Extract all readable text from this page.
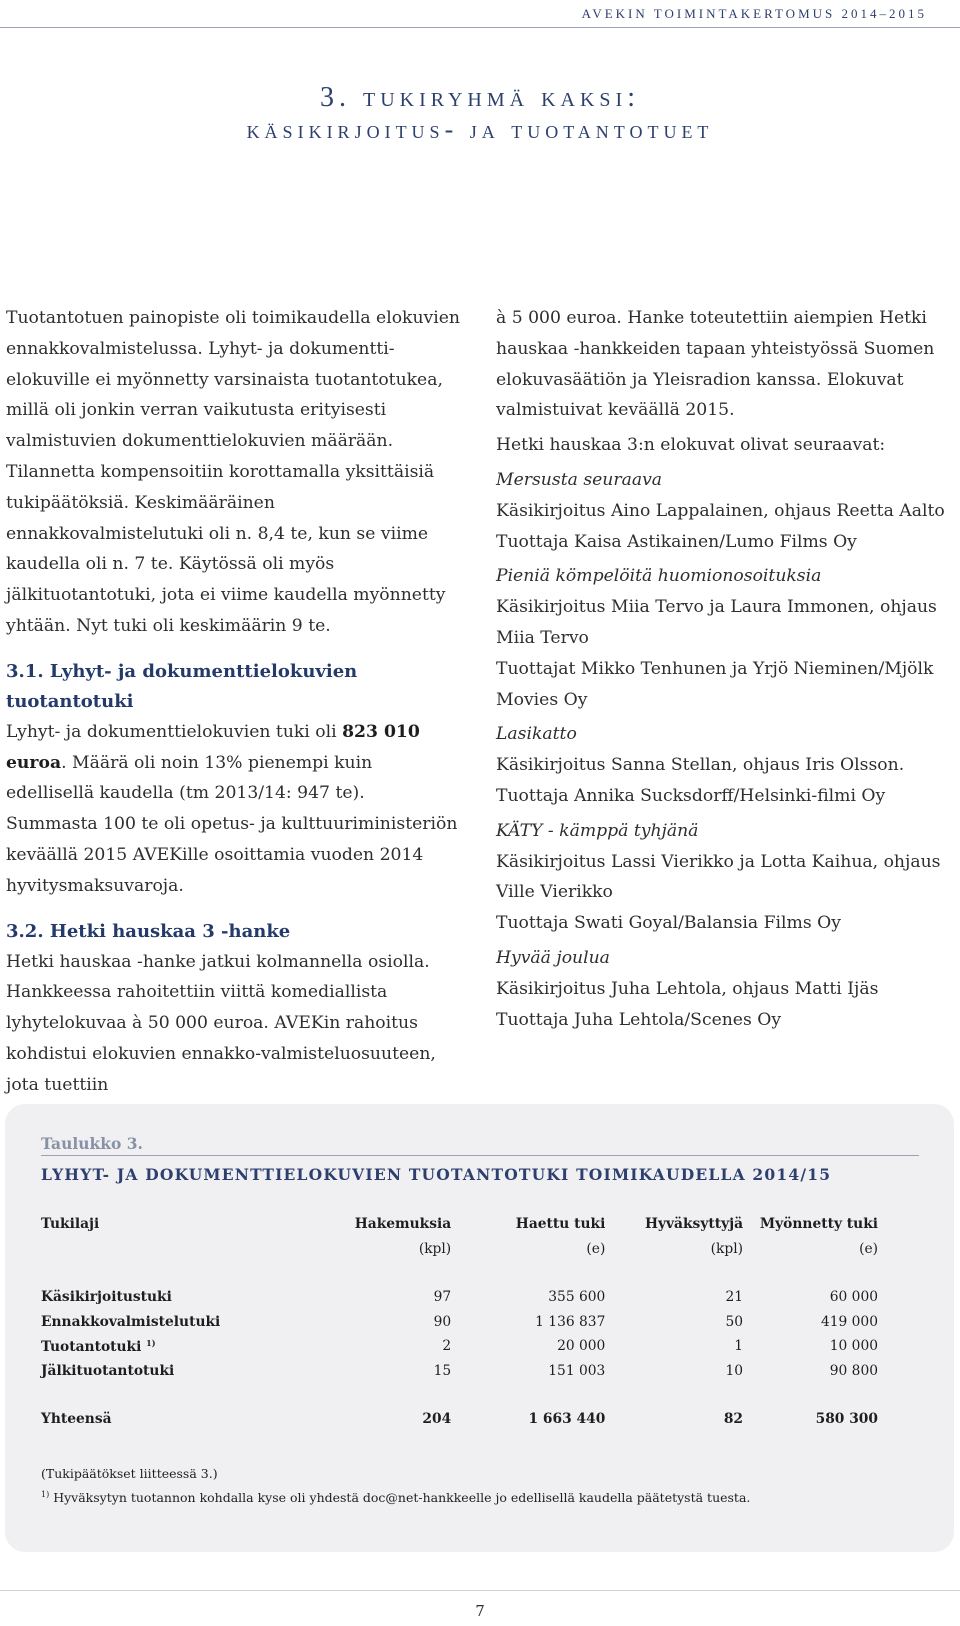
AVEKIN TOIMINTAKERTOMUS 2014–2015
3. tukiryhmä kaksi:
käsikirjoitus- ja tuotantotuet

Tuotantotuen painopiste oli toimikaudella elokuvien ennakkovalmistelussa. Lyhyt- ja dokumentti-elokuville ei myönnetty varsinaista tuotantotukea, millä oli jonkin verran vaikutusta erityisesti valmistuvien dokumenttielokuvien määrään. Tilannetta kompensoitiin korottamalla yksittäisiä tukipäätöksiä. Keskimääräinen ennakkovalmistelutuki oli n. 8,4 te, kun se viime kaudella oli n. 7 te. Käytössä oli myös jälkituotantotuki, jota ei viime kaudella myönnetty yhtään. Nyt tuki oli keskimäärin 9 te.

3.1. Lyhyt- ja dokumenttielokuvien tuotantotuki

Lyhyt- ja dokumenttielokuvien tuki oli 823 010 euroa. Määrä oli noin 13% pienempi kuin edellisellä kaudella (tm 2013/14: 947 te). Summasta 100 te oli opetus- ja kulttuuriministeriön keväällä 2015 AVEKille osoittamia vuoden 2014 hyvitysmaksuvaroja.

3.2. Hetki hauskaa 3 -hanke

Hetki hauskaa -hanke jatkui kolmannella osiolla. Hankkeessa rahoitettiin viittä komediallista lyhytelokuvaa à 50 000 euroa. AVEKin rahoitus kohdistui elokuvien ennakko-valmisteluosuuteen, jota tuettiin

à 5 000 euroa. Hanke toteutettiin aiempien Hetki hauskaa -hankkeiden tapaan yhteistyössä Suomen elokuvasäätiön ja Yleisradion kanssa. Elokuvat valmistuivat keväällä 2015.

Hetki hauskaa 3:n elokuvat olivat seuraavat:

Mersusta seuraava

Käsikirjoitus Aino Lappalainen, ohjaus Reetta Aalto

Tuottaja Kaisa Astikainen/Lumo Films Oy

Pieniä kömpelöitä huomionosoituksia

Käsikirjoitus Miia Tervo ja Laura Immonen, ohjaus Miia Tervo

Tuottajat Mikko Tenhunen ja Yrjö Nieminen/Mjölk Movies Oy

Lasikatto

Käsikirjoitus Sanna Stellan, ohjaus Iris Olsson.

Tuottaja Annika Sucksdorff/Helsinki-filmi Oy

KÄTY - kämppä tyhjänä

Käsikirjoitus Lassi Vierikko ja Lotta Kaihua, ohjaus Ville Vierikko

Tuottaja Swati Goyal/Balansia Films Oy

Hyvää joulua

Käsikirjoitus Juha Lehtola, ohjaus Matti Ijäs

Tuottaja Juha Lehtola/Scenes Oy

Taulukko 3.
LYHYT- JA DOKUMENTTIELOKUVIEN TUOTANTOTUKI TOIMIKAUDELLA 2014/15
Tukilaji	Hakemuksia	Haettu tuki	Hyväksyttyjä	Myönnetty tuki
	(kpl)	(e)	(kpl)	(e)

Käsikirjoitustuki	97	355 600	21	60 000
Ennakkovalmistelutuki	90	1 136 837	50	419 000
Tuotantotuki $^{1)}$	2	20 000	1	10 000
Jälkituotantotuki	15	151 003	10	90 800

Yhteensä	204	1 663 440	82	580 300
(Tukipäätökset liitteessä 3.)
$^{1)}$ Hyväksytyn tuotannon kohdalla kyse oli yhdestä doc@net-hankkeelle jo edellisellä kaudella päätetystä tuesta.
7
